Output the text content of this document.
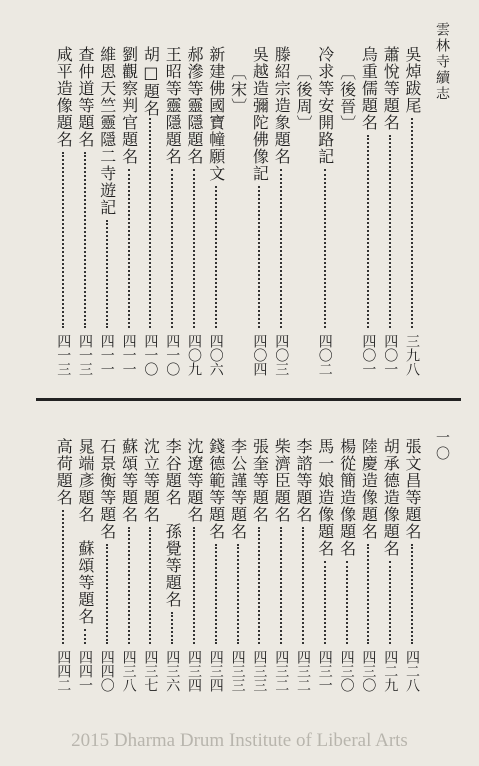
雲林寺續志
一〇
吳焯跋尾
三九八
蕭悅等題名
四〇一
烏重儒題名
四〇一
〔後晉〕
冷求等安開路記
四〇二
〔後周〕
滕紹宗造象題名
四〇三
吳越造彌陀佛像記
四〇四
〔宋〕
新建佛國寶幢願文
四〇六
郝滲等靈隱題名
四〇九
王昭等靈隱題名
四一〇
胡□題名
四一〇
劉觀察判官題名
四一一
維恩天竺靈隱二寺遊記
四一一
查仲道等題名
四一三
咸平造像題名
四一三
張文昌等題名
四二八
胡承德造像題名
四二九
陸慶造像題名
四三〇
楊從簡造像題名
四三〇
馬一娘造像題名
四三一
李諮等題名
四三二
柴濟臣題名
四三二
張奎等題名
四三三
李公謹等題名
四三三
錢德範等題名
四三四
沈遼等題名
四三四
李谷題名　孫覺等題名
四三六
沈立等題名
四三七
蘇頌等題名
四三八
石景衡等題名
四四〇
晁端彥題名　蘇頌等題名
四四一
高荷題名
四四二
2015 Dharma Drum Institute of Liberal Arts
